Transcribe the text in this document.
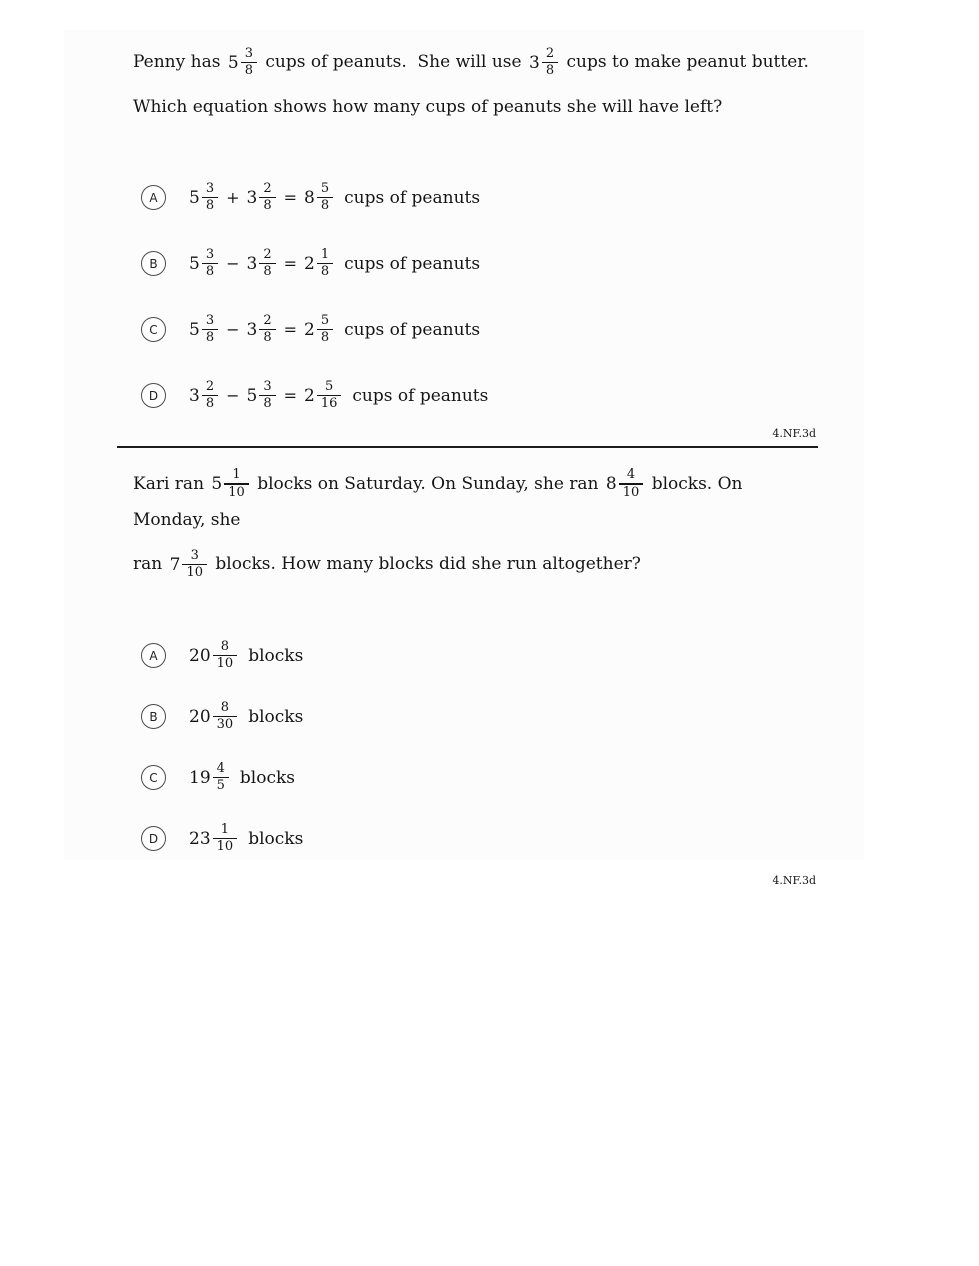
Penny has $5 \frac{3}{8}$ cups of peanuts.  She will use $3 \frac{2}{8}$ cups to make peanut butter.

Which equation shows how many cups of peanuts she will have left?

A	$5 \frac{3}{8} + 3 \frac{2}{8} = 8 \frac{5}{8}$ cups of peanuts
B	$5 \frac{3}{8} - 3 \frac{2}{8} = 2 \frac{1}{8}$ cups of peanuts
C	$5 \frac{3}{8} - 3 \frac{2}{8} = 2 \frac{5}{8}$ cups of peanuts
D	$3 \frac{2}{8} - 5 \frac{3}{8} = 2 \frac{5}{16}$ cups of peanuts
4.NF.3d

Kari ran $5 \frac{1}{10}$ blocks on Saturday. On Sunday, she ran $8 \frac{4}{10}$ blocks. On Monday, she

ran $7 \frac{3}{10}$ blocks. How many blocks did she run altogether?

A	$20 \frac{8}{10}$ blocks
B	$20 \frac{8}{30}$ blocks
C	$19 \frac{4}{5}$ blocks
D	$23 \frac{1}{10}$ blocks
4.NF.3d
